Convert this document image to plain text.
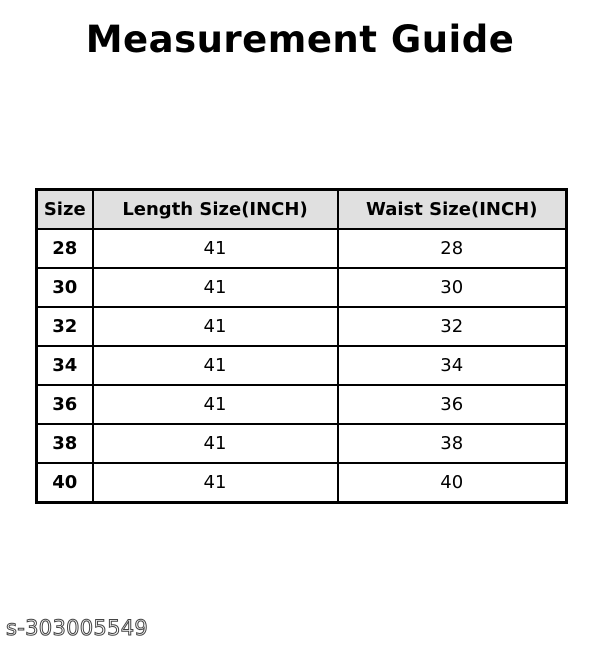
Measurement Guide
Size	Length Size(INCH)	Waist Size(INCH)
28	41	28
30	41	30
32	41	32
34	41	34
36	41	36
38	41	38
40	41	40
s-303005549
